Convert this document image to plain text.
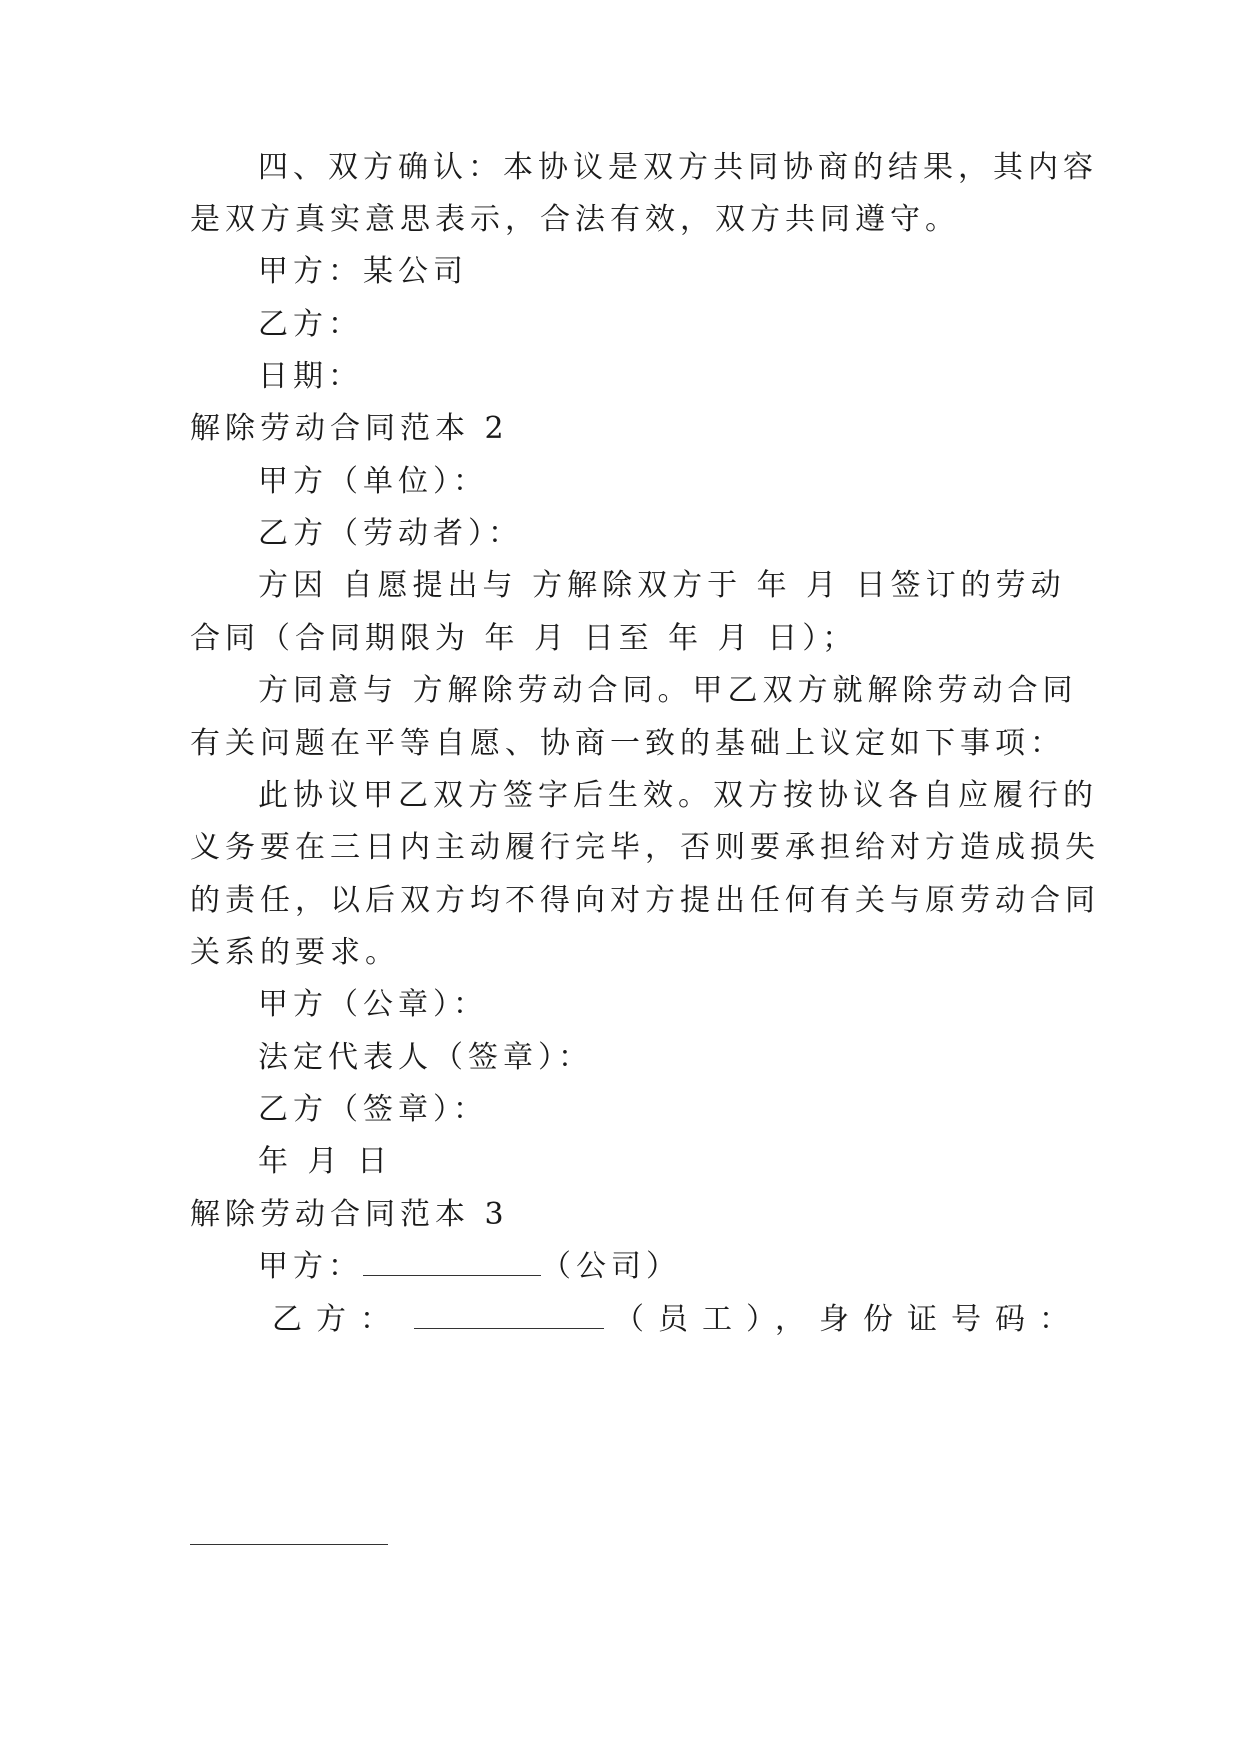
四、双方确认：本协议是双方共同协商的结果，其内容
是双方真实意思表示，合法有效，双方共同遵守。
甲方：某公司
乙方：
日期：
解除劳动合同范本 2
甲方（单位）：
乙方（劳动者）：
方因 自愿提出与 方解除双方于 年 月 日签订的劳动
合同（合同期限为 年 月 日至 年 月 日）；
方同意与 方解除劳动合同。甲乙双方就解除劳动合同
有关问题在平等自愿、协商一致的基础上议定如下事项：
此协议甲乙双方签字后生效。双方按协议各自应履行的
义务要在三日内主动履行完毕，否则要承担给对方造成损失
的责任，以后双方均不得向对方提出任何有关与原劳动合同
关系的要求。
甲方（公章）：
法定代表人（签章）：
乙方（签章）：
年 月 日
解除劳动合同范本 3
甲方：	（公司）
乙方：	（员工），身份证号码：
